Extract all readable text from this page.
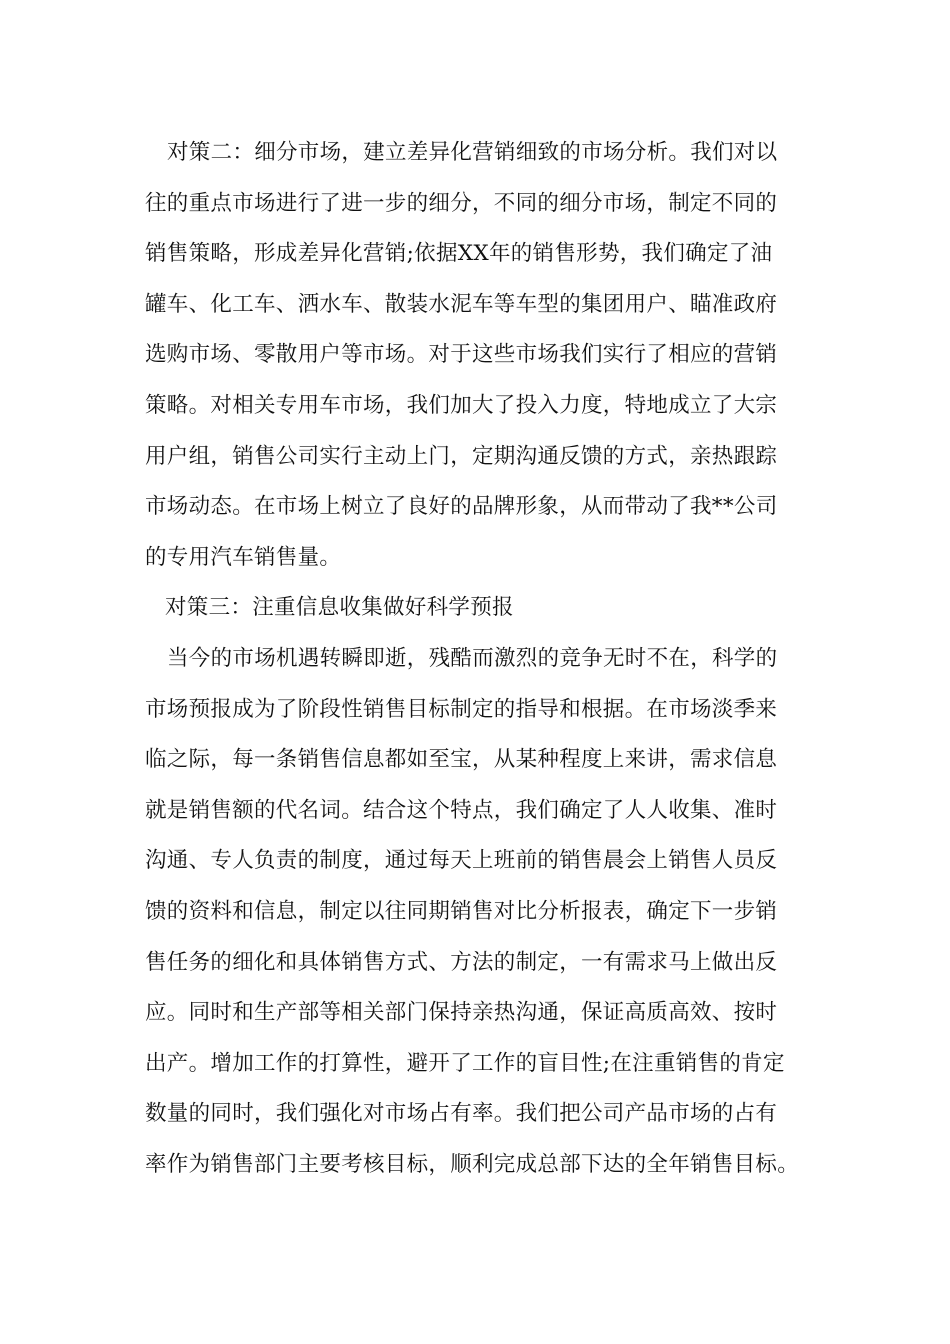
对策二：细分市场，建立差异化营销细致的市场分析。我们对以
往的重点市场进行了进一步的细分，不同的细分市场，制定不同的
销售策略，形成差异化营销;依据XX年的销售形势，我们确定了油
罐车、化工车、洒水车、散装水泥车等车型的集团用户、瞄准政府
选购市场、零散用户等市场。对于这些市场我们实行了相应的营销
策略。对相关专用车市场，我们加大了投入力度，特地成立了大宗
用户组，销售公司实行主动上门，定期沟通反馈的方式，亲热跟踪
市场动态。在市场上树立了良好的品牌形象，从而带动了我**公司
的专用汽车销售量。
对策三：注重信息收集做好科学预报
当今的市场机遇转瞬即逝，残酷而激烈的竞争无时不在，科学的
市场预报成为了阶段性销售目标制定的指导和根据。在市场淡季来
临之际，每一条销售信息都如至宝，从某种程度上来讲，需求信息
就是销售额的代名词。结合这个特点，我们确定了人人收集、准时
沟通、专人负责的制度，通过每天上班前的销售晨会上销售人员反
馈的资料和信息，制定以往同期销售对比分析报表，确定下一步销
售任务的细化和具体销售方式、方法的制定，一有需求马上做出反
应。同时和生产部等相关部门保持亲热沟通，保证高质高效、按时
出产。增加工作的打算性，避开了工作的盲目性;在注重销售的肯定
数量的同时，我们强化对市场占有率。我们把公司产品市场的占有
率作为销售部门主要考核目标，顺利完成总部下达的全年销售目标。
